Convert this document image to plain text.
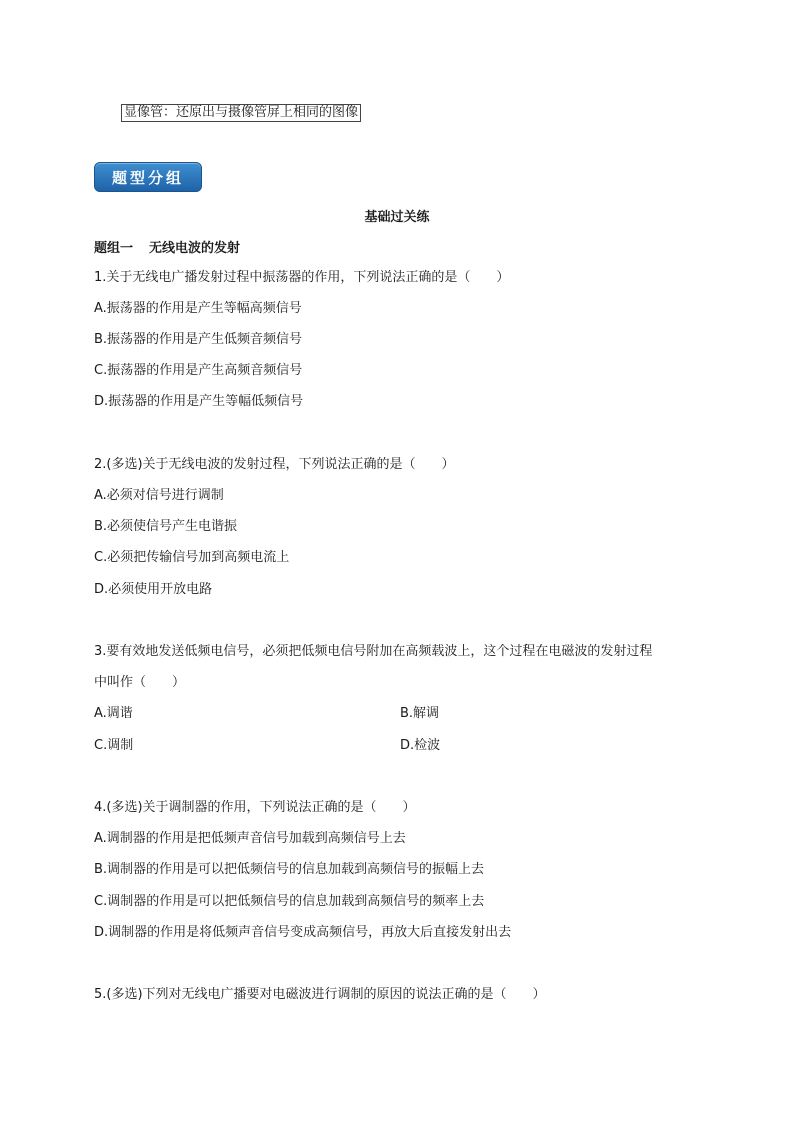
显像管：还原出与摄像管屏上相同的图像
题型分组
基础过关练
题组一 无线电波的发射
1.关于无线电广播发射过程中振荡器的作用，下列说法正确的是（　　）
A.振荡器的作用是产生等幅高频信号
B.振荡器的作用是产生低频音频信号
C.振荡器的作用是产生高频音频信号
D.振荡器的作用是产生等幅低频信号
2.(多选)关于无线电波的发射过程，下列说法正确的是（　　）
A.必须对信号进行调制
B.必须使信号产生电谐振
C.必须把传输信号加到高频电流上
D.必须使用开放电路
3.要有效地发送低频电信号，必须把低频电信号附加在高频载波上，这个过程在电磁波的发射过程
中叫作（　　）
A.调谐	B.解调
C.调制	D.检波
4.(多选)关于调制器的作用，下列说法正确的是（　　）
A.调制器的作用是把低频声音信号加载到高频信号上去
B.调制器的作用是可以把低频信号的信息加载到高频信号的振幅上去
C.调制器的作用是可以把低频信号的信息加载到高频信号的频率上去
D.调制器的作用是将低频声音信号变成高频信号，再放大后直接发射出去
5.(多选)下列对无线电广播要对电磁波进行调制的原因的说法正确的是（　　）
